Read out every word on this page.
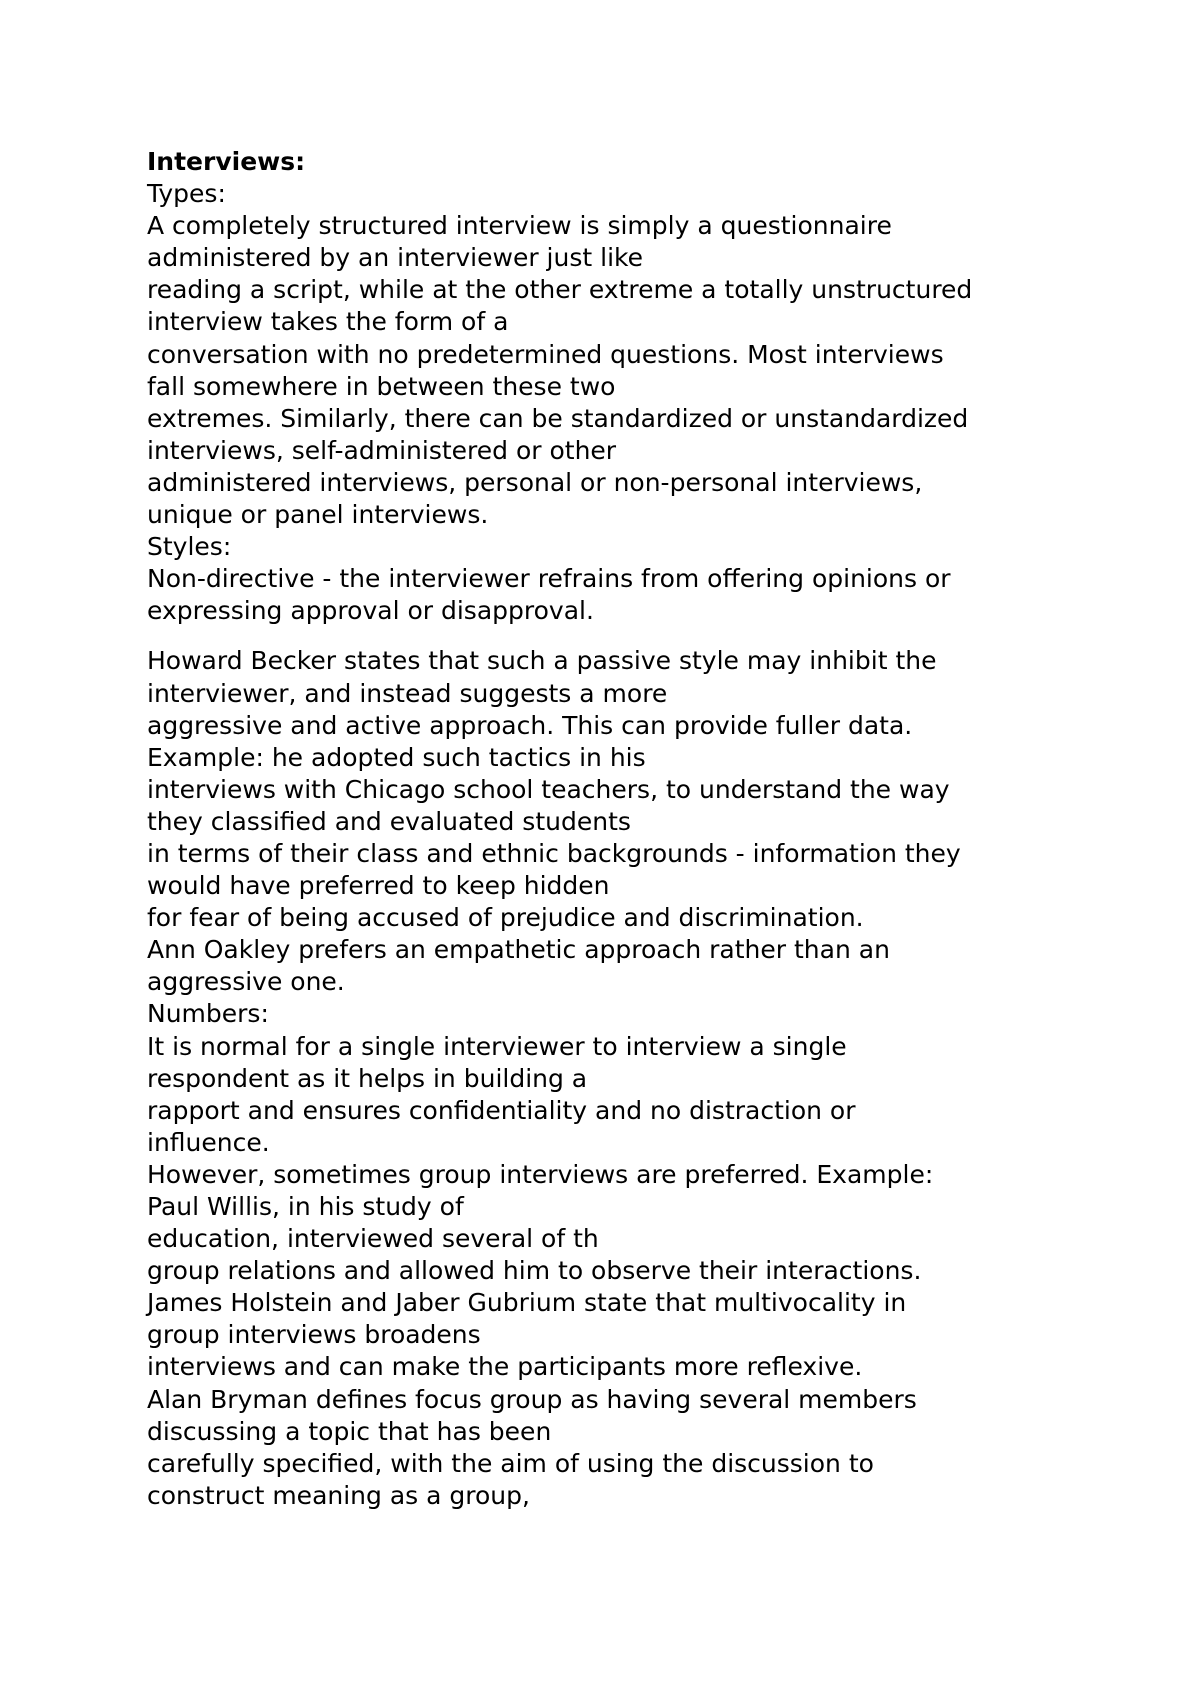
Interviews:
Types:
A completely structured interview is simply a questionnaire
administered by an interviewer just like
reading a script, while at the other extreme a totally unstructured
interview takes the form of a
conversation with no predetermined questions. Most interviews
fall somewhere in between these two
extremes. Similarly, there can be standardized or unstandardized
interviews, self-administered or other
administered interviews, personal or non-personal interviews,
unique or panel interviews.
Styles:
Non-directive - the interviewer refrains from offering opinions or
expressing approval or disapproval.
Howard Becker states that such a passive style may inhibit the
interviewer, and instead suggests a more
aggressive and active approach. This can provide fuller data.
Example: he adopted such tactics in his
interviews with Chicago school teachers, to understand the way
they classified and evaluated students
in terms of their class and ethnic backgrounds - information they
would have preferred to keep hidden
for fear of being accused of prejudice and discrimination.
Ann Oakley prefers an empathetic approach rather than an
aggressive one.
Numbers:
It is normal for a single interviewer to interview a single
respondent as it helps in building a
rapport and ensures confidentiality and no distraction or
influence.
However, sometimes group interviews are preferred. Example:
Paul Willis, in his study of
education, interviewed several of th
group relations and allowed him to observe their interactions.
James Holstein and Jaber Gubrium state that multivocality in
group interviews broadens
interviews and can make the participants more reflexive.
Alan Bryman defines focus group as having several members
discussing a topic that has been
carefully specified, with the aim of using the discussion to
construct meaning as a group,
